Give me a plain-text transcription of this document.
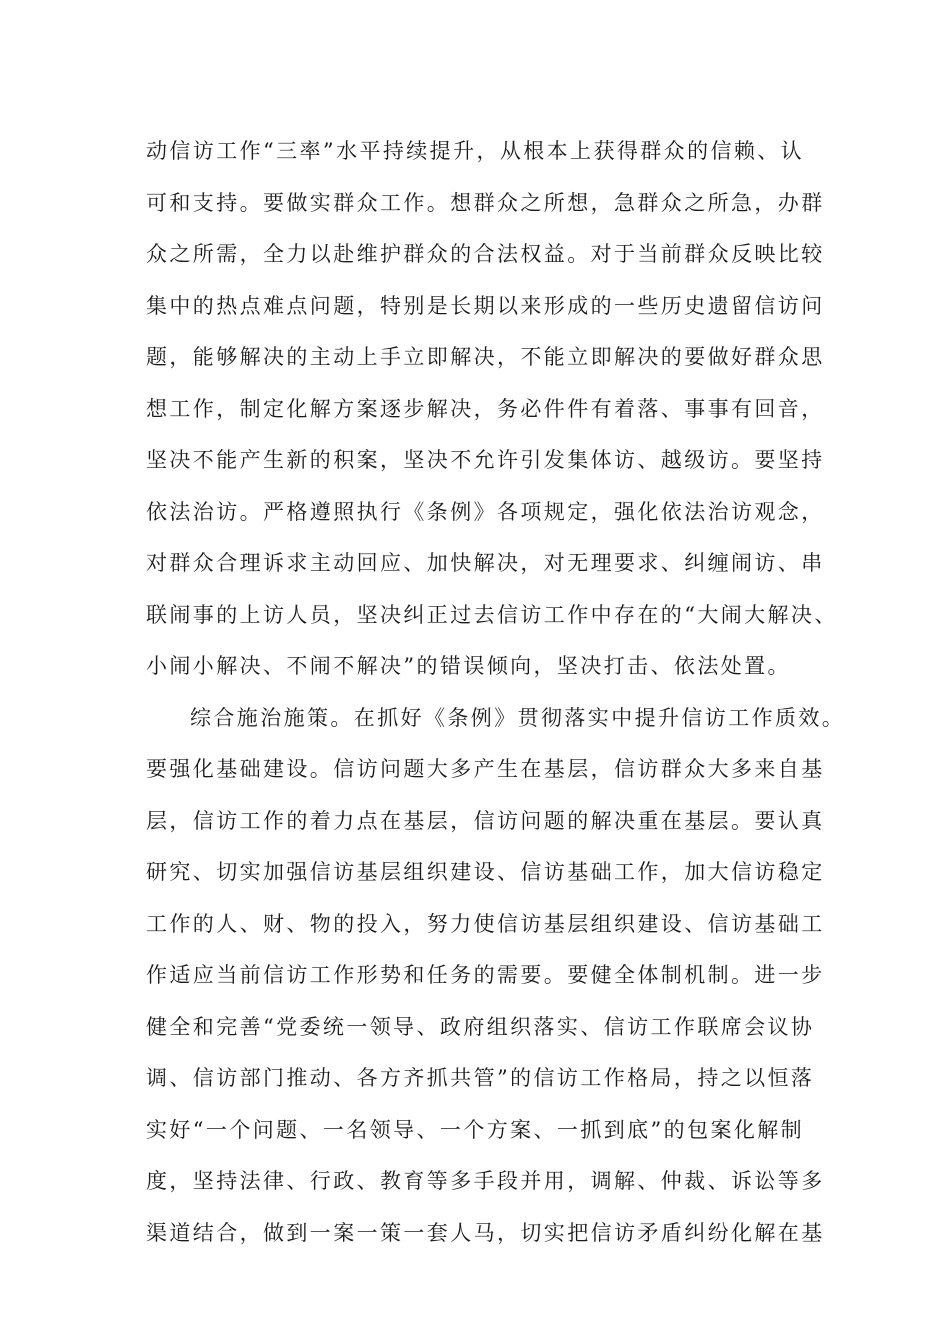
动信访工作“三率”水平持续提升，从根本上获得群众的信赖、认
可和支持。要做实群众工作。想群众之所想，急群众之所急，办群
众之所需，全力以赴维护群众的合法权益。对于当前群众反映比较
集中的热点难点问题，特别是长期以来形成的一些历史遗留信访问
题，能够解决的主动上手立即解决，不能立即解决的要做好群众思
想工作，制定化解方案逐步解决，务必件件有着落、事事有回音，
坚决不能产生新的积案，坚决不允许引发集体访、越级访。要坚持
依法治访。严格遵照执行《条例》各项规定，强化依法治访观念，
对群众合理诉求主动回应、加快解决，对无理要求、纠缠闹访、串
联闹事的上访人员，坚决纠正过去信访工作中存在的“大闹大解决、
小闹小解决、不闹不解决”的错误倾向，坚决打击、依法处置。
综合施治施策。在抓好《条例》贯彻落实中提升信访工作质效。
要强化基础建设。信访问题大多产生在基层，信访群众大多来自基
层，信访工作的着力点在基层，信访问题的解决重在基层。要认真
研究、切实加强信访基层组织建设、信访基础工作，加大信访稳定
工作的人、财、物的投入，努力使信访基层组织建设、信访基础工
作适应当前信访工作形势和任务的需要。要健全体制机制。进一步
健全和完善“党委统一领导、政府组织落实、信访工作联席会议协
调、信访部门推动、各方齐抓共管”的信访工作格局，持之以恒落
实好“一个问题、一名领导、一个方案、一抓到底”的包案化解制
度，坚持法律、行政、教育等多手段并用，调解、仲裁、诉讼等多
渠道结合，做到一案一策一套人马，切实把信访矛盾纠纷化解在基
